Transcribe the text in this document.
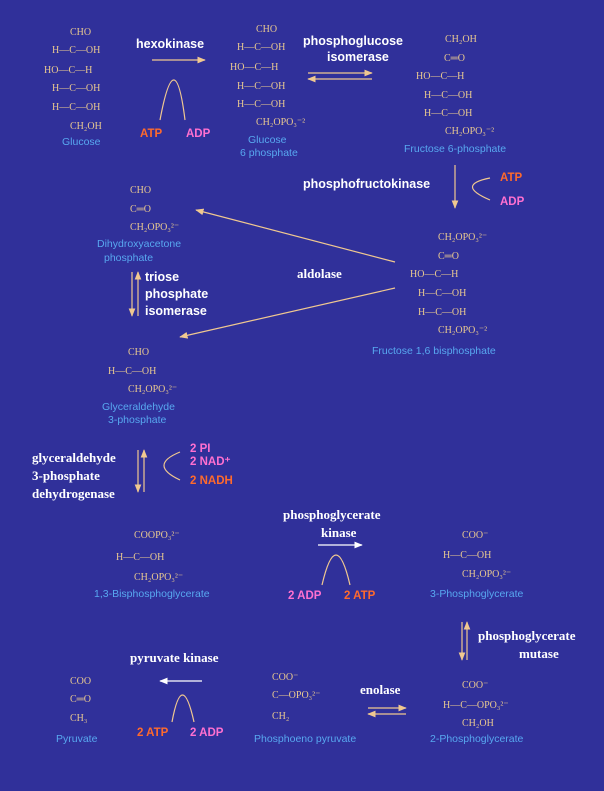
CHO
H—C—OH
HO—C—H
H—C—OH
H—C—OH
CH₂OH
Glucose
hexokinase
ATP ADP
CHO
H—C—OH
HO—C—H
H—C—OH
H—C—OH
CH₂OPO₃⁻²
Glucose
6 phosphate
phosphoglucose
isomerase
CH₂OH
C═O
HO—C—H
H—C—OH
H—C—OH
CH₂OPO₃⁻²
Fructose 6-phosphate
phosphofructokinase	ATP
ADP
CH₂OPO₃²⁻
C═O
HO—C—H
H—C—OH
H—C—OH
CH₂OPO₃⁻²
Fructose 1,6 bisphosphate
aldolase
CHO
C═O
CH₂OPO₃²⁻
Dihydroxyacetone
phosphate
triose
phosphate
isomerase
CHO
H—C—OH
CH₂OPO₃²⁻
Glyceraldehyde
3-phosphate
glyceraldehyde
3-phosphate
dehydrogenase
2 PI
2 NAD⁺
2 NADH
COOPO₃²⁻
H—C—OH
CH₂OPO₃²⁻
1,3-Bisphosphoglycerate
phosphoglycerate
kinase
2 ADP 2 ATP
COO⁻
H—C—OH
CH₂OPO₃²⁻
3-Phosphoglycerate
phosphoglycerate
mutase
COO⁻
H—C—OPO₃²⁻
CH₂OH
2-Phosphoglycerate
enolase
COO⁻
C—OPO₃²⁻
CH₂
Phosphoeno pyruvate
pyruvate kinase
2 ATP 2 ADP
COO
C═O
CH₃
Pyruvate
